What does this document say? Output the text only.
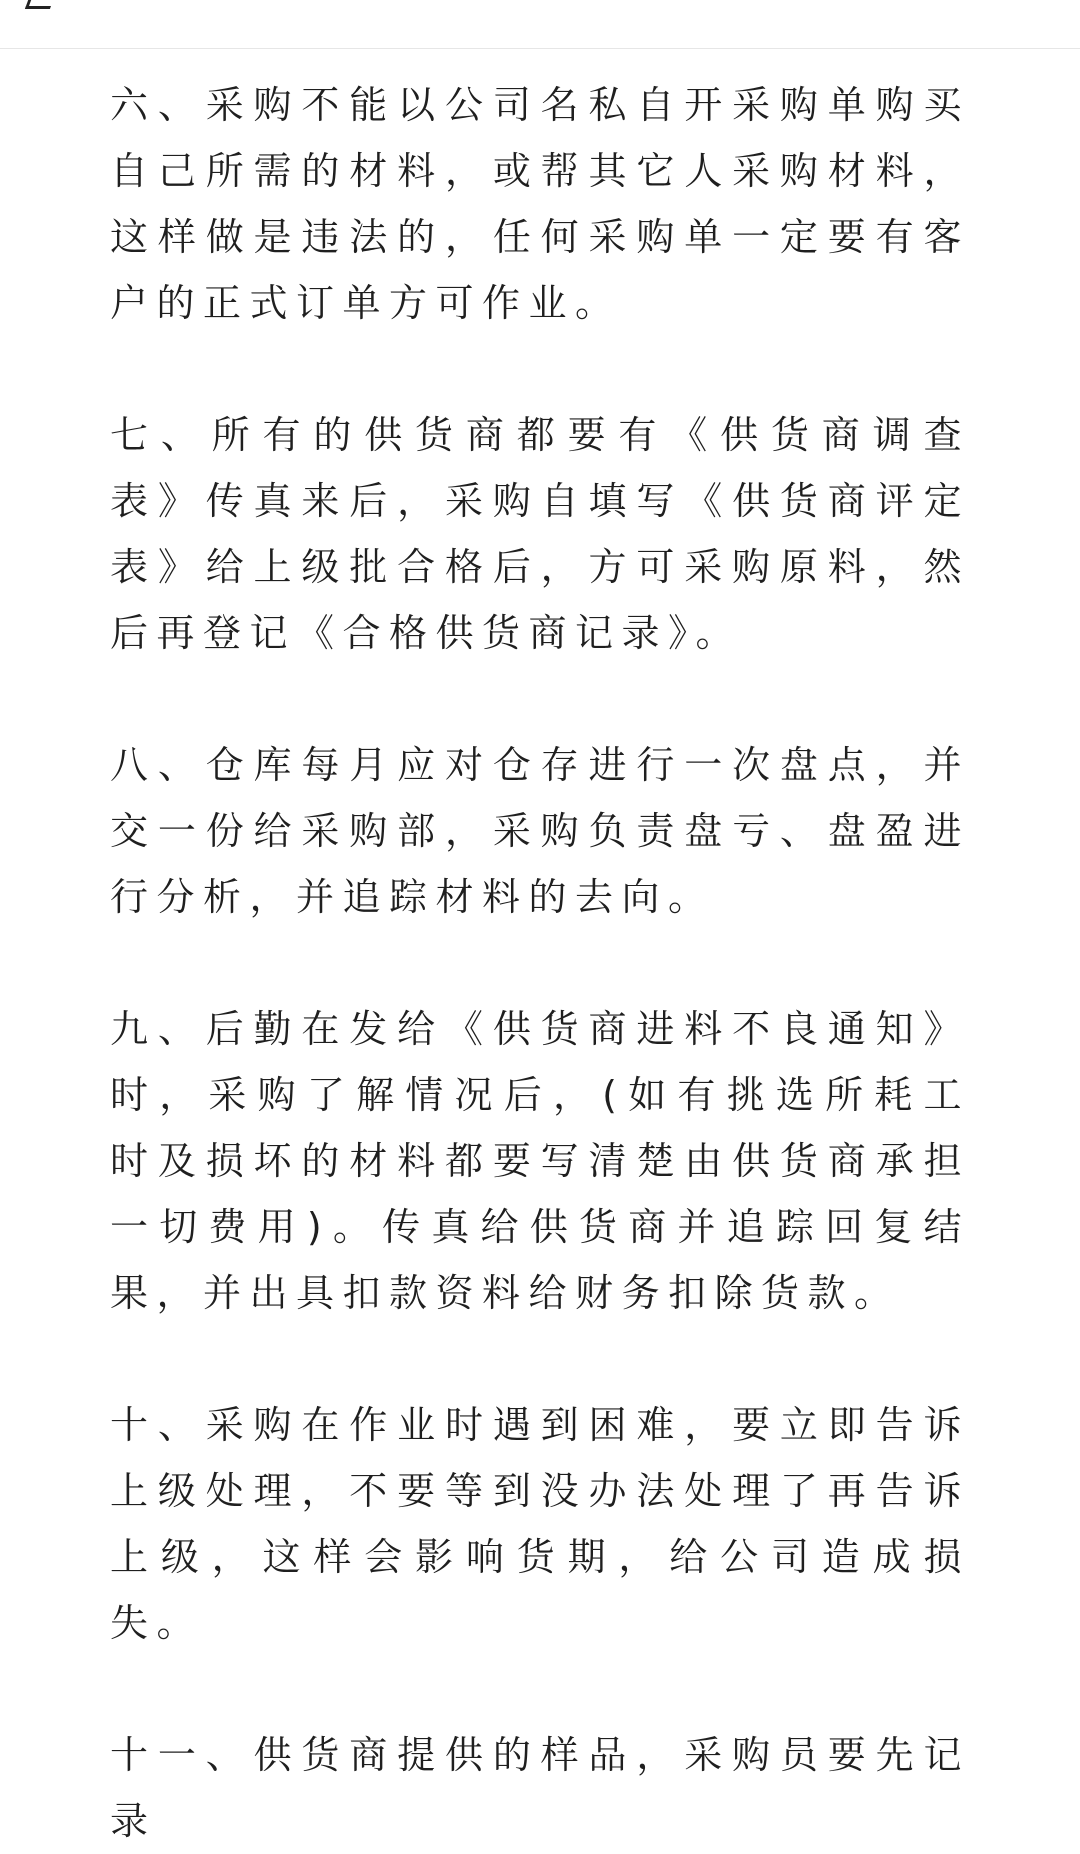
六、采购不能以公司名私自开采购单购买自己所需的材料，或帮其它人采购材料，这样做是违法的，任何采购单一定要有客户的正式订单方可作业。

七、所有的供货商都要有《供货商调查表》传真来后，采购自填写《供货商评定表》给上级批合格后，方可采购原料，然后再登记《合格供货商记录》。

八、仓库每月应对仓存进行一次盘点，并交一份给采购部，采购负责盘亏、盘盈进行分析，并追踪材料的去向。

九、后勤在发给《供货商进料不良通知》时，采购了解情况后，(如有挑选所耗工时及损坏的材料都要写清楚由供货商承担一切费用)。传真给供货商并追踪回复结果，并出具扣款资料给财务扣除货款。

十、采购在作业时遇到困难，要立即告诉上级处理，不要等到没办法处理了再告诉上级，这样会影响货期，给公司造成损失。

十一、供货商提供的样品，采购员要先记录
